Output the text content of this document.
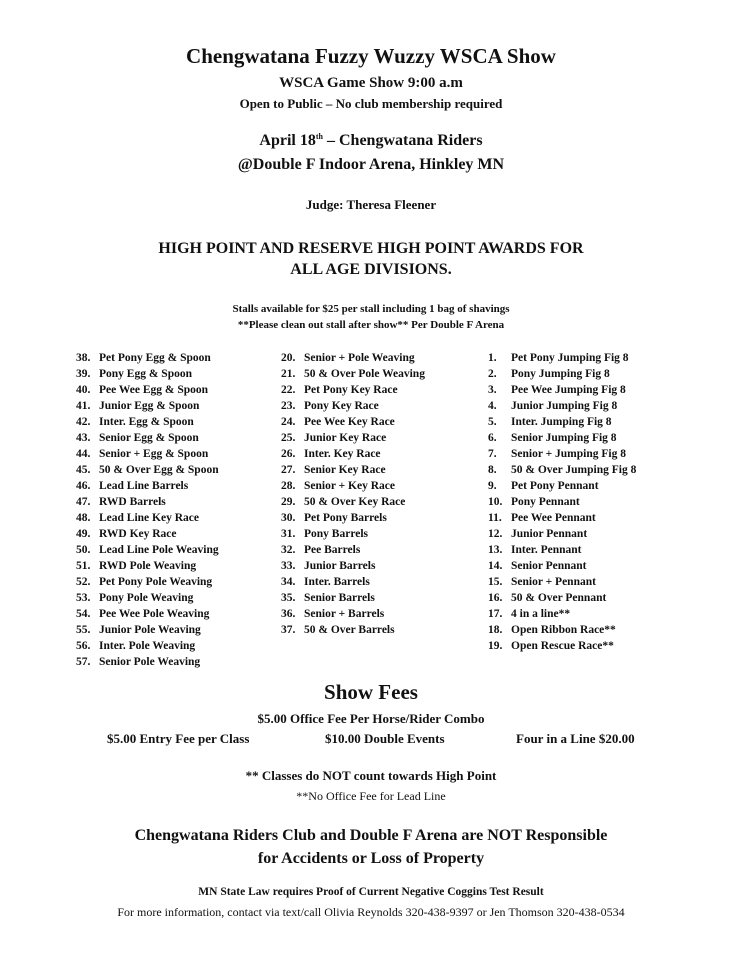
Chengwatana Fuzzy Wuzzy WSCA Show
WSCA Game Show 9:00 a.m
Open to Public – No club membership required
April 18th – Chengwatana Riders
@Double F Indoor Arena, Hinkley MN
Judge: Theresa Fleener
HIGH POINT AND RESERVE HIGH POINT AWARDS FOR
ALL AGE DIVISIONS.
Stalls available for $25 per stall including 1 bag of shavings
**Please clean out stall after show** Per Double F Arena
38. Pet Pony Egg & Spoon
39. Pony Egg & Spoon
40. Pee Wee Egg & Spoon
41. Junior Egg & Spoon
42. Inter. Egg & Spoon
43. Senior Egg & Spoon
44. Senior + Egg & Spoon
45. 50 & Over Egg & Spoon
46. Lead Line Barrels
47. RWD Barrels
48. Lead Line Key Race
49. RWD Key Race
50. Lead Line Pole Weaving
51. RWD Pole Weaving
52. Pet Pony Pole Weaving
53. Pony Pole Weaving
54. Pee Wee Pole Weaving
55. Junior Pole Weaving
56. Inter. Pole Weaving
57. Senior Pole Weaving
20. Senior + Pole Weaving
21. 50 & Over Pole Weaving
22. Pet Pony Key Race
23. Pony Key Race
24. Pee Wee Key Race
25. Junior Key Race
26. Inter. Key Race
27. Senior Key Race
28. Senior + Key Race
29. 50 & Over Key Race
30. Pet Pony Barrels
31. Pony Barrels
32. Pee Barrels
33. Junior Barrels
34. Inter. Barrels
35. Senior Barrels
36. Senior + Barrels
37. 50 & Over Barrels
1. Pet Pony Jumping Fig 8
2. Pony Jumping Fig 8
3. Pee Wee Jumping Fig 8
4. Junior Jumping Fig 8
5. Inter. Jumping Fig 8
6. Senior Jumping Fig 8
7. Senior + Jumping Fig 8
8. 50 & Over Jumping Fig 8
9. Pet Pony Pennant
10. Pony Pennant
11. Pee Wee Pennant
12. Junior Pennant
13. Inter. Pennant
14. Senior Pennant
15. Senior + Pennant
16. 50 & Over Pennant
17. 4 in a line**
18. Open Ribbon Race**
19. Open Rescue Race**
Show Fees
$5.00 Office Fee Per Horse/Rider Combo
$5.00 Entry Fee per Class	$10.00 Double Events	Four in a Line $20.00
** Classes do NOT count towards High Point
**No Office Fee for Lead Line
Chengwatana Riders Club and Double F Arena are NOT Responsible
for Accidents or Loss of Property
MN State Law requires Proof of Current Negative Coggins Test Result
For more information, contact via text/call Olivia Reynolds 320-438-9397 or Jen Thomson 320-438-0534
